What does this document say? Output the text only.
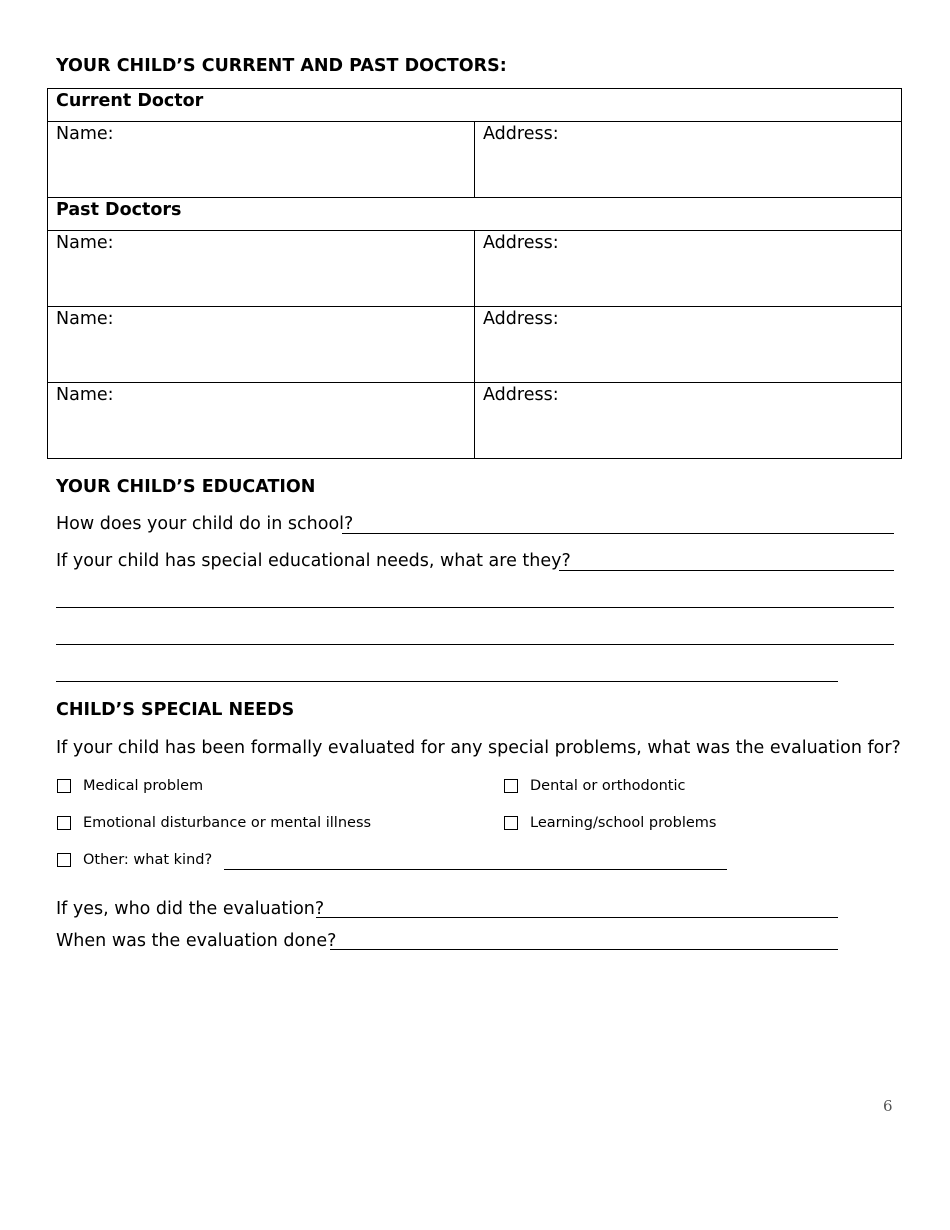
YOUR CHILD’S CURRENT AND PAST DOCTORS:
Current Doctor	
Name:	Address:
Past Doctors	
Name:	Address:
Name:	Address:
Name:	Address:
YOUR CHILD’S EDUCATION
How does your child do in school?
If your child has special educational needs, what are they?
CHILD’S SPECIAL NEEDS
If your child has been formally evaluated for any special problems, what was the evaluation for?
Medical problem	Dental or orthodontic
Emotional disturbance or mental illness	Learning/school problems
Other: what kind?
If yes, who did the evaluation?
When was the evaluation done?
6
